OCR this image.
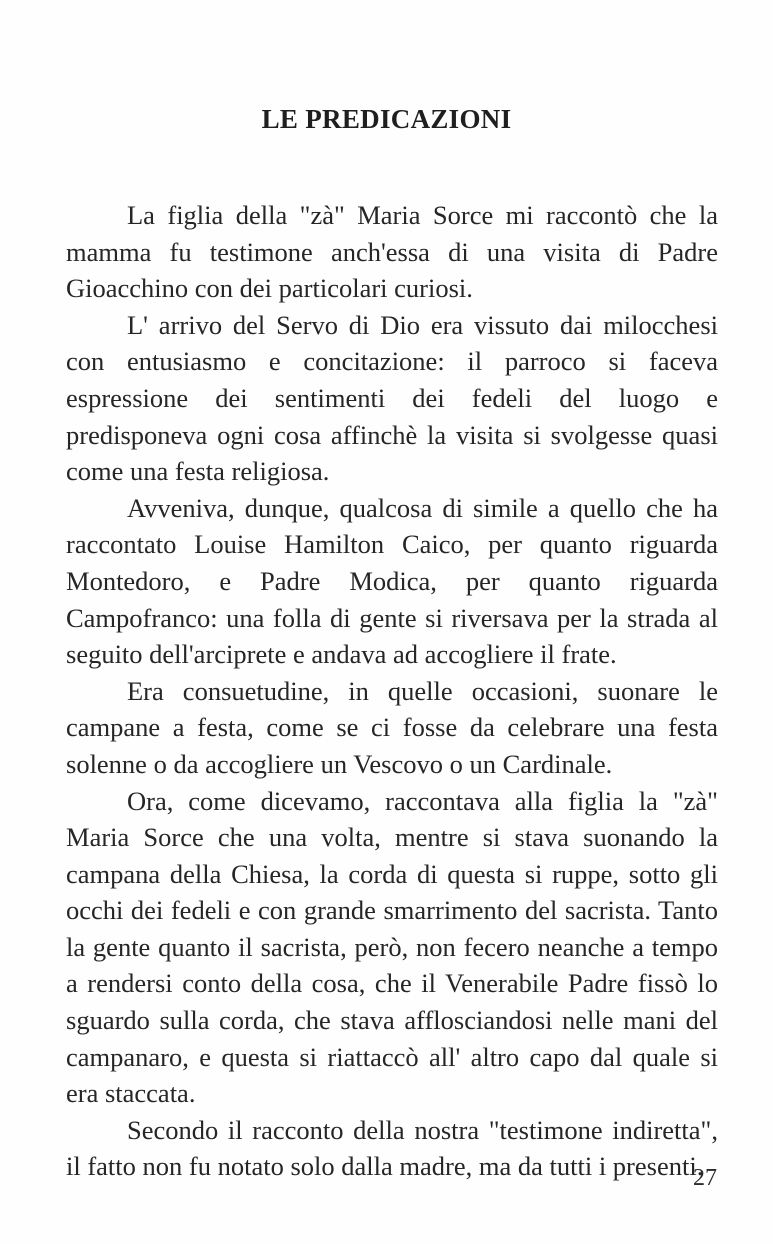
LE PREDICAZIONI

La figlia della "zà" Maria Sorce mi raccontò che la mamma fu testimone anch'essa di una visita di Padre Gioacchino con dei particolari curiosi.

L' arrivo del Servo di Dio era vissuto dai milocchesi con entusiasmo e concitazione: il parroco si faceva espressione dei sentimenti dei fedeli del luogo e predisponeva ogni cosa affinchè la visita si svolgesse quasi come una festa religiosa.

Avveniva, dunque, qualcosa di simile a quello che ha raccontato Louise Hamilton Caico, per quanto riguarda Montedoro, e Padre Modica, per quanto riguarda Campofranco: una folla di gente si riversava per la strada al seguito dell'arciprete e andava ad accogliere il frate.

Era consuetudine, in quelle occasioni, suonare le campane a festa, come se ci fosse da celebrare una festa solenne o da accogliere un Vescovo o un Cardinale.

Ora, come dicevamo, raccontava alla figlia la "zà" Maria Sorce che una volta, mentre si stava suonando la campana della Chiesa, la corda di questa si ruppe, sotto gli occhi dei fedeli e con grande smarrimento del sacrista. Tanto la gente quanto il sacrista, però, non fecero neanche a tempo a rendersi conto della cosa, che il Venerabile Padre fissò lo sguardo sulla corda, che stava afflosciandosi nelle mani del campanaro, e questa si riattaccò all' altro capo dal quale si era staccata.

Secondo il racconto della nostra "testimone indiretta", il fatto non fu notato solo dalla madre, ma da tutti i presenti.

27
